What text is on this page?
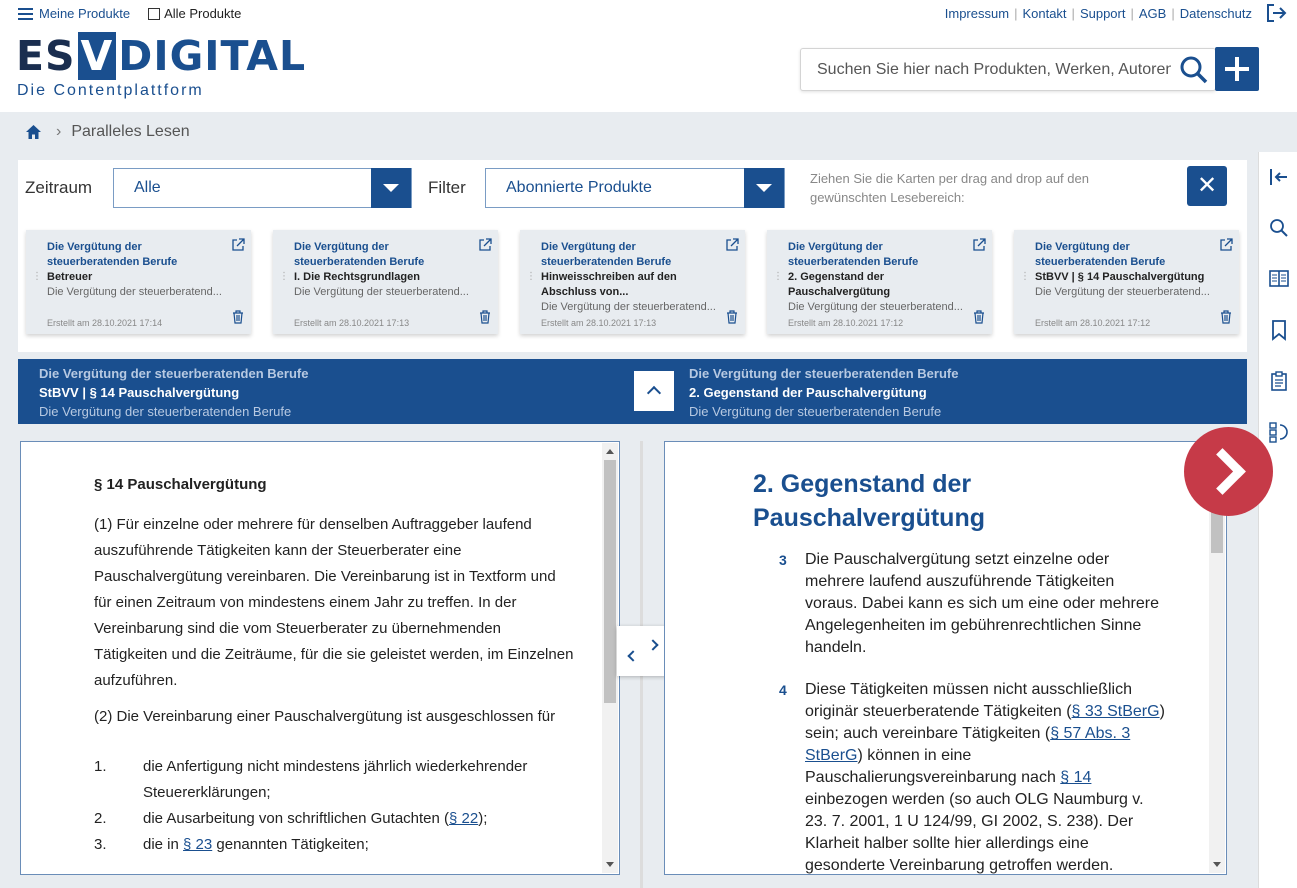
Meine Produkte	Alle Produkte	Impressum | Kontakt | Support | AGB | Datenschutz
ES V DIGITAL
Die Contentplattform
Suchen Sie hier nach Produkten, Werken, Autoren
› Paralleles Lesen
Zeitraum	Alle	Filter	Abonnierte Produkte
Ziehen Sie die Karten per drag and drop auf den gewünschten Lesebereich:	✕
⋮
Die Vergütung der steuerberatenden Berufe
Betreuer
Die Vergütung der steuerberatend...
Erstellt am 28.10.2021 17:14
⋮
Die Vergütung der steuerberatenden Berufe
I. Die Rechtsgrundlagen
Die Vergütung der steuerberatend...
Erstellt am 28.10.2021 17:13
⋮
Die Vergütung der steuerberatenden Berufe
Hinweisschreiben auf den Abschluss von...
Die Vergütung der steuerberatend...
Erstellt am 28.10.2021 17:13
⋮
Die Vergütung der steuerberatenden Berufe
2. Gegenstand der Pauschalvergütung
Die Vergütung der steuerberatend...
Erstellt am 28.10.2021 17:12
⋮
Die Vergütung der steuerberatenden Berufe
StBVV | § 14 Pauschalvergütung
Die Vergütung der steuerberatend...
Erstellt am 28.10.2021 17:12
Die Vergütung der steuerberatenden Berufe
StBVV | § 14 Pauschalvergütung
Die Vergütung der steuerberatenden Berufe
Die Vergütung der steuerberatenden Berufe
2. Gegenstand der Pauschalvergütung
Die Vergütung der steuerberatenden Berufe
§ 14 Pauschalvergütung

(1) Für einzelne oder mehrere für denselben Auftraggeber laufend auszuführende Tätigkeiten kann der Steuerberater eine Pauschalvergütung vereinbaren. Die Vereinbarung ist in Textform und für einen Zeitraum von mindestens einem Jahr zu treffen. In der Vereinbarung sind die vom Steuerberater zu übernehmenden Tätigkeiten und die Zeiträume, für die sie geleistet werden, im Einzelnen aufzuführen.

(2) Die Vereinbarung einer Pauschalvergütung ist ausgeschlossen für

1.	die Anfertigung nicht mindestens jährlich wiederkehrender Steuererklärungen;
2.	die Ausarbeitung von schriftlichen Gutachten (§ 22);
3.	die in § 23 genannten Tätigkeiten;
2. Gegenstand der Pauschalvergütung
3 Die Pauschalvergütung setzt einzelne oder mehrere laufend auszuführende Tätigkeiten voraus. Dabei kann es sich um eine oder mehrere Angelegenheiten im gebührenrechtlichen Sinne handeln.
4 Diese Tätigkeiten müssen nicht ausschließlich originär steuerberatende Tätigkeiten (§ 33 StBerG) sein; auch vereinbare Tätigkeiten (§ 57 Abs. 3 StBerG) können in eine Pauschalierungsvereinbarung nach § 14 einbezogen werden (so auch OLG Naumburg v. 23. 7. 2001, 1 U 124/99, GI 2002, S. 238). Der Klarheit halber sollte hier allerdings eine gesonderte Vereinbarung getroffen werden.
